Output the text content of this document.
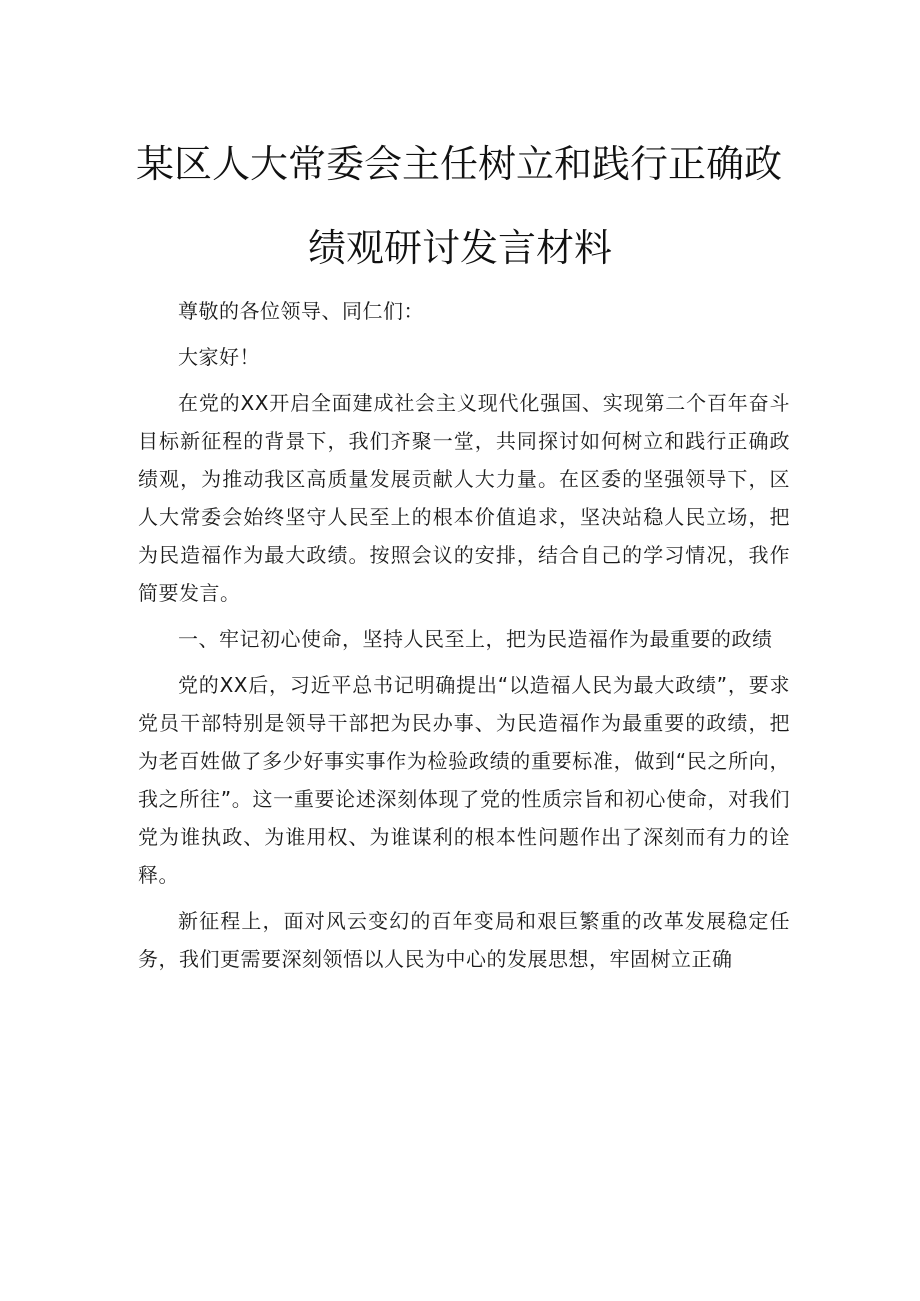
某区人大常委会主任树立和践行正确政
绩观研讨发言材料

尊敬的各位领导、同仁们：

大家好！

在党的XX开启全面建成社会主义现代化强国、实现第二个百年奋斗目标新征程的背景下，我们齐聚一堂，共同探讨如何树立和践行正确政绩观，为推动我区高质量发展贡献人大力量。在区委的坚强领导下，区人大常委会始终坚守人民至上的根本价值追求，坚决站稳人民立场，把为民造福作为最大政绩。按照会议的安排，结合自己的学习情况，我作简要发言。

一、牢记初心使命，坚持人民至上，把为民造福作为最重要的政绩

党的XX后，习近平总书记明确提出“以造福人民为最大政绩”，要求党员干部特别是领导干部把为民办事、为民造福作为最重要的政绩，把为老百姓做了多少好事实事作为检验政绩的重要标准，做到“民之所向，我之所往”。这一重要论述深刻体现了党的性质宗旨和初心使命，对我们党为谁执政、为谁用权、为谁谋利的根本性问题作出了深刻而有力的诠释。

新征程上，面对风云变幻的百年变局和艰巨繁重的改革发展稳定任务，我们更需要深刻领悟以人民为中心的发展思想，牢固树立正确
